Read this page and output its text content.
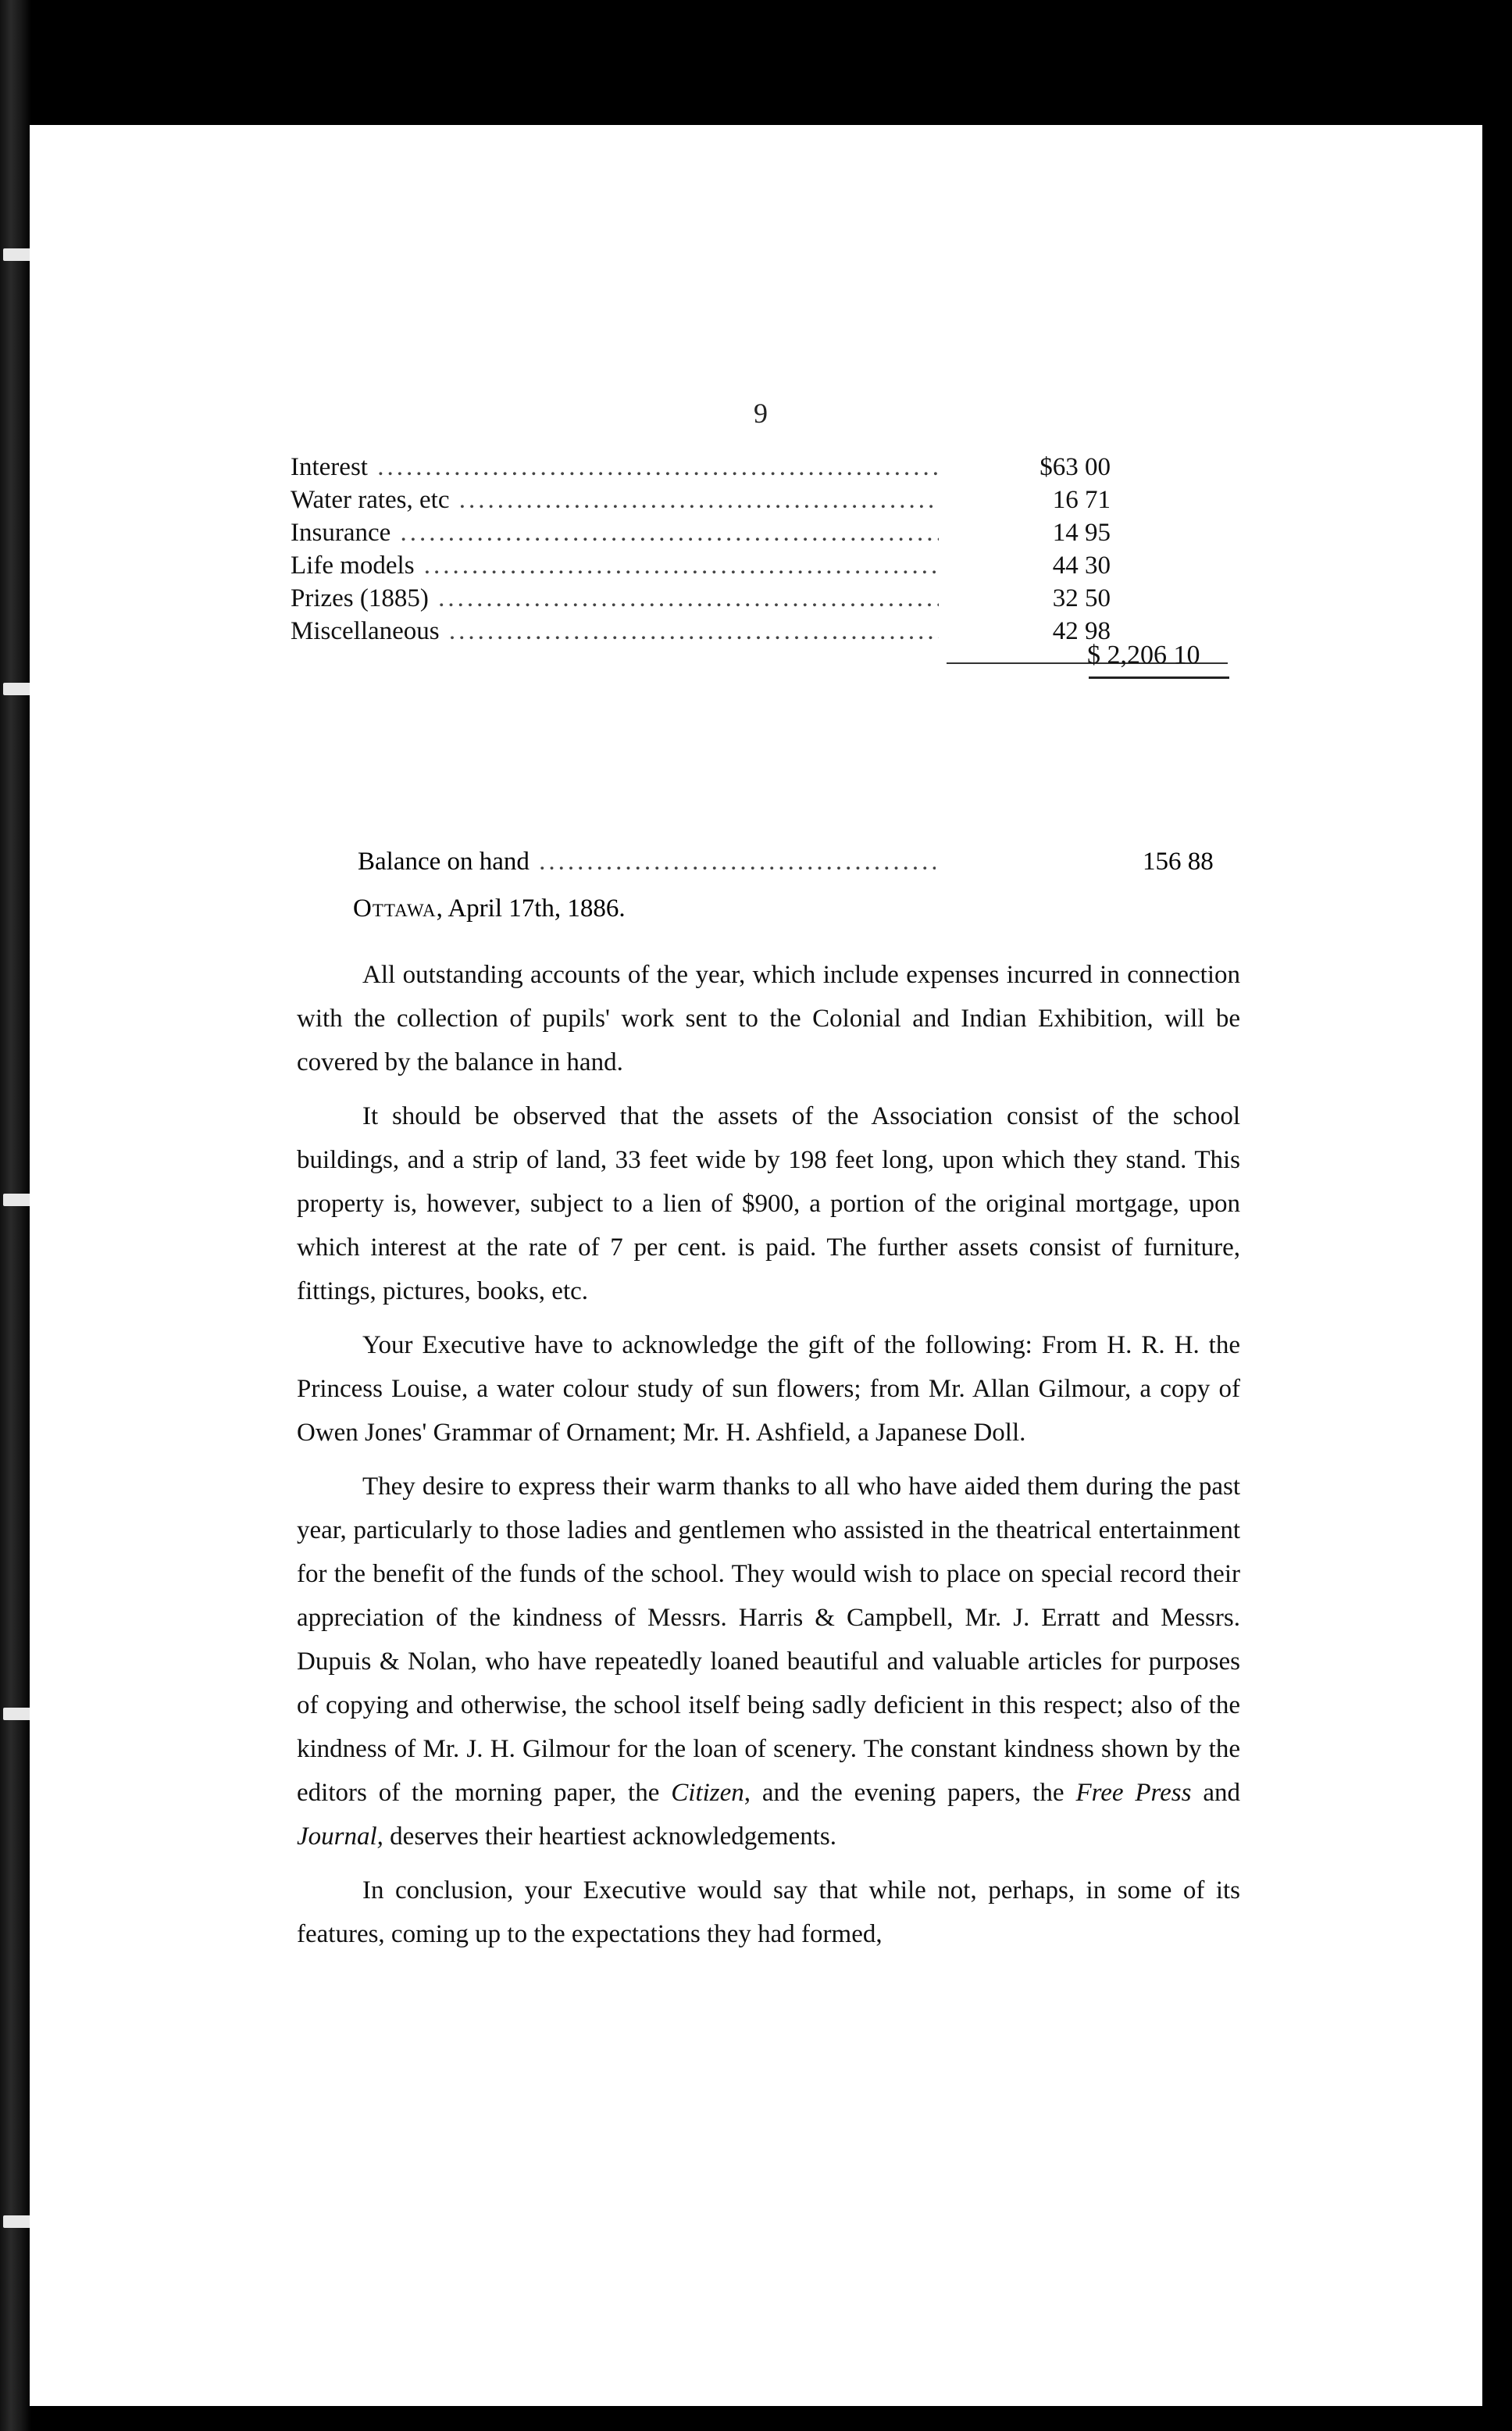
9
Interest .....	$63 00
Water rates, etc .....	16 71
Insurance .....	14 95
Life models .....	44 30
Prizes (1885) .....	32 50
Miscellaneous .....	42 98
$ 2,206 10
Balance on hand .....	156 88
Ottawa, April 17th, 1886.

All outstanding accounts of the year, which include expenses incurred in connection with the collection of pupils' work sent to the Colonial and Indian Exhibition, will be covered by the balance in hand.

It should be observed that the assets of the Association consist of the school buildings, and a strip of land, 33 feet wide by 198 feet long, upon which they stand. This property is, however, subject to a lien of $900, a portion of the original mortgage, upon which interest at the rate of 7 per cent. is paid. The further assets consist of furniture, fittings, pictures, books, etc.

Your Executive have to acknowledge the gift of the following: From H. R. H. the Princess Louise, a water colour study of sun flowers; from Mr. Allan Gilmour, a copy of Owen Jones' Grammar of Ornament; Mr. H. Ashfield, a Japanese Doll.

They desire to express their warm thanks to all who have aided them during the past year, particularly to those ladies and gentlemen who assisted in the theatrical entertainment for the benefit of the funds of the school. They would wish to place on special record their appreciation of the kindness of Messrs. Harris & Campbell, Mr. J. Erratt and Messrs. Dupuis & Nolan, who have repeatedly loaned beautiful and valuable articles for purposes of copying and otherwise, the school itself being sadly deficient in this respect; also of the kindness of Mr. J. H. Gilmour for the loan of scenery. The constant kindness shown by the editors of the morning paper, the Citizen, and the evening papers, the Free Press and Journal, deserves their heartiest acknowledgements.

In conclusion, your Executive would say that while not, perhaps, in some of its features, coming up to the expectations they had formed,
